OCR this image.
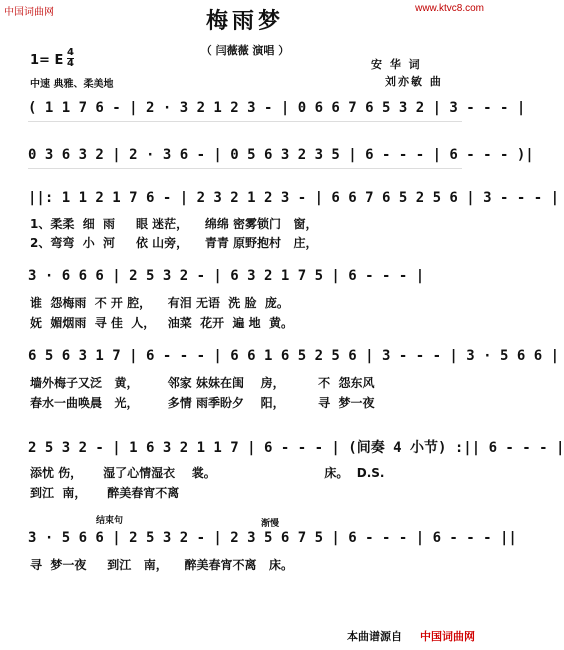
中国词曲网	www.ktvc8.com
梅雨梦
（ 闫薇薇 演唱 ）
1= E
4
4
中速 典雅、柔美地
安 华 词
刘亦敏 曲
( 1 1 7 6 - | 2 · 3 2 1 2 3 - | 0 6 6 7 6 5 3 2 | 3 - - - |
0 3 6 3 2 | 2 · 3 6 - | 0 5 6 3 2 3 5 | 6 - - - | 6 - - - )|
||: 1 1 2 1 7 6 - | 2 3 2 1 2 3 - | 6 6 7 6 5 2 5 6 | 3 - - - |
1、柔柔  细  雨     眼 迷茫，    绵绵 密雾锁门   窗，
2、弯弯  小  河     依 山旁，    青青 原野抱村   庄，
3 · 6 6 6 | 2 5 3 2 - | 6 3 2 1 7 5 | 6 - - - |
谁  怨梅雨  不 开 腔，    有泪 无语  洗 脸  庞。
妩  媚烟雨  寻 佳  人，   油菜  花开  遍 地  黄。
6 5 6 3 1 7 | 6 - - - | 6 6 1 6 5 2 5 6 | 3 - - - | 3 · 5 6 6 |
墙外梅子又泛   黄，       邻家 妹妹在闺    房，        不  怨东风
春水一曲唤晨   光，       多情 雨季盼夕    阳，        寻  梦一夜
2 5 3 2 - | 1 6 3 2 1 1 7 | 6 - - - | (间奏 4 小节) :|| 6 - - - |
添忧 伤，     湿了心情湿衣    裳。                          床。  D.S.
到江  南，     醉美春宵不离
结束句	渐慢
3 · 5 6 6 | 2 5 3 2 - | 2 3 5 6 7 5 | 6 - - - | 6 - - - ||
寻  梦一夜     到江   南，    醉美春宵不离   床。
本曲谱源自 中国词曲网
